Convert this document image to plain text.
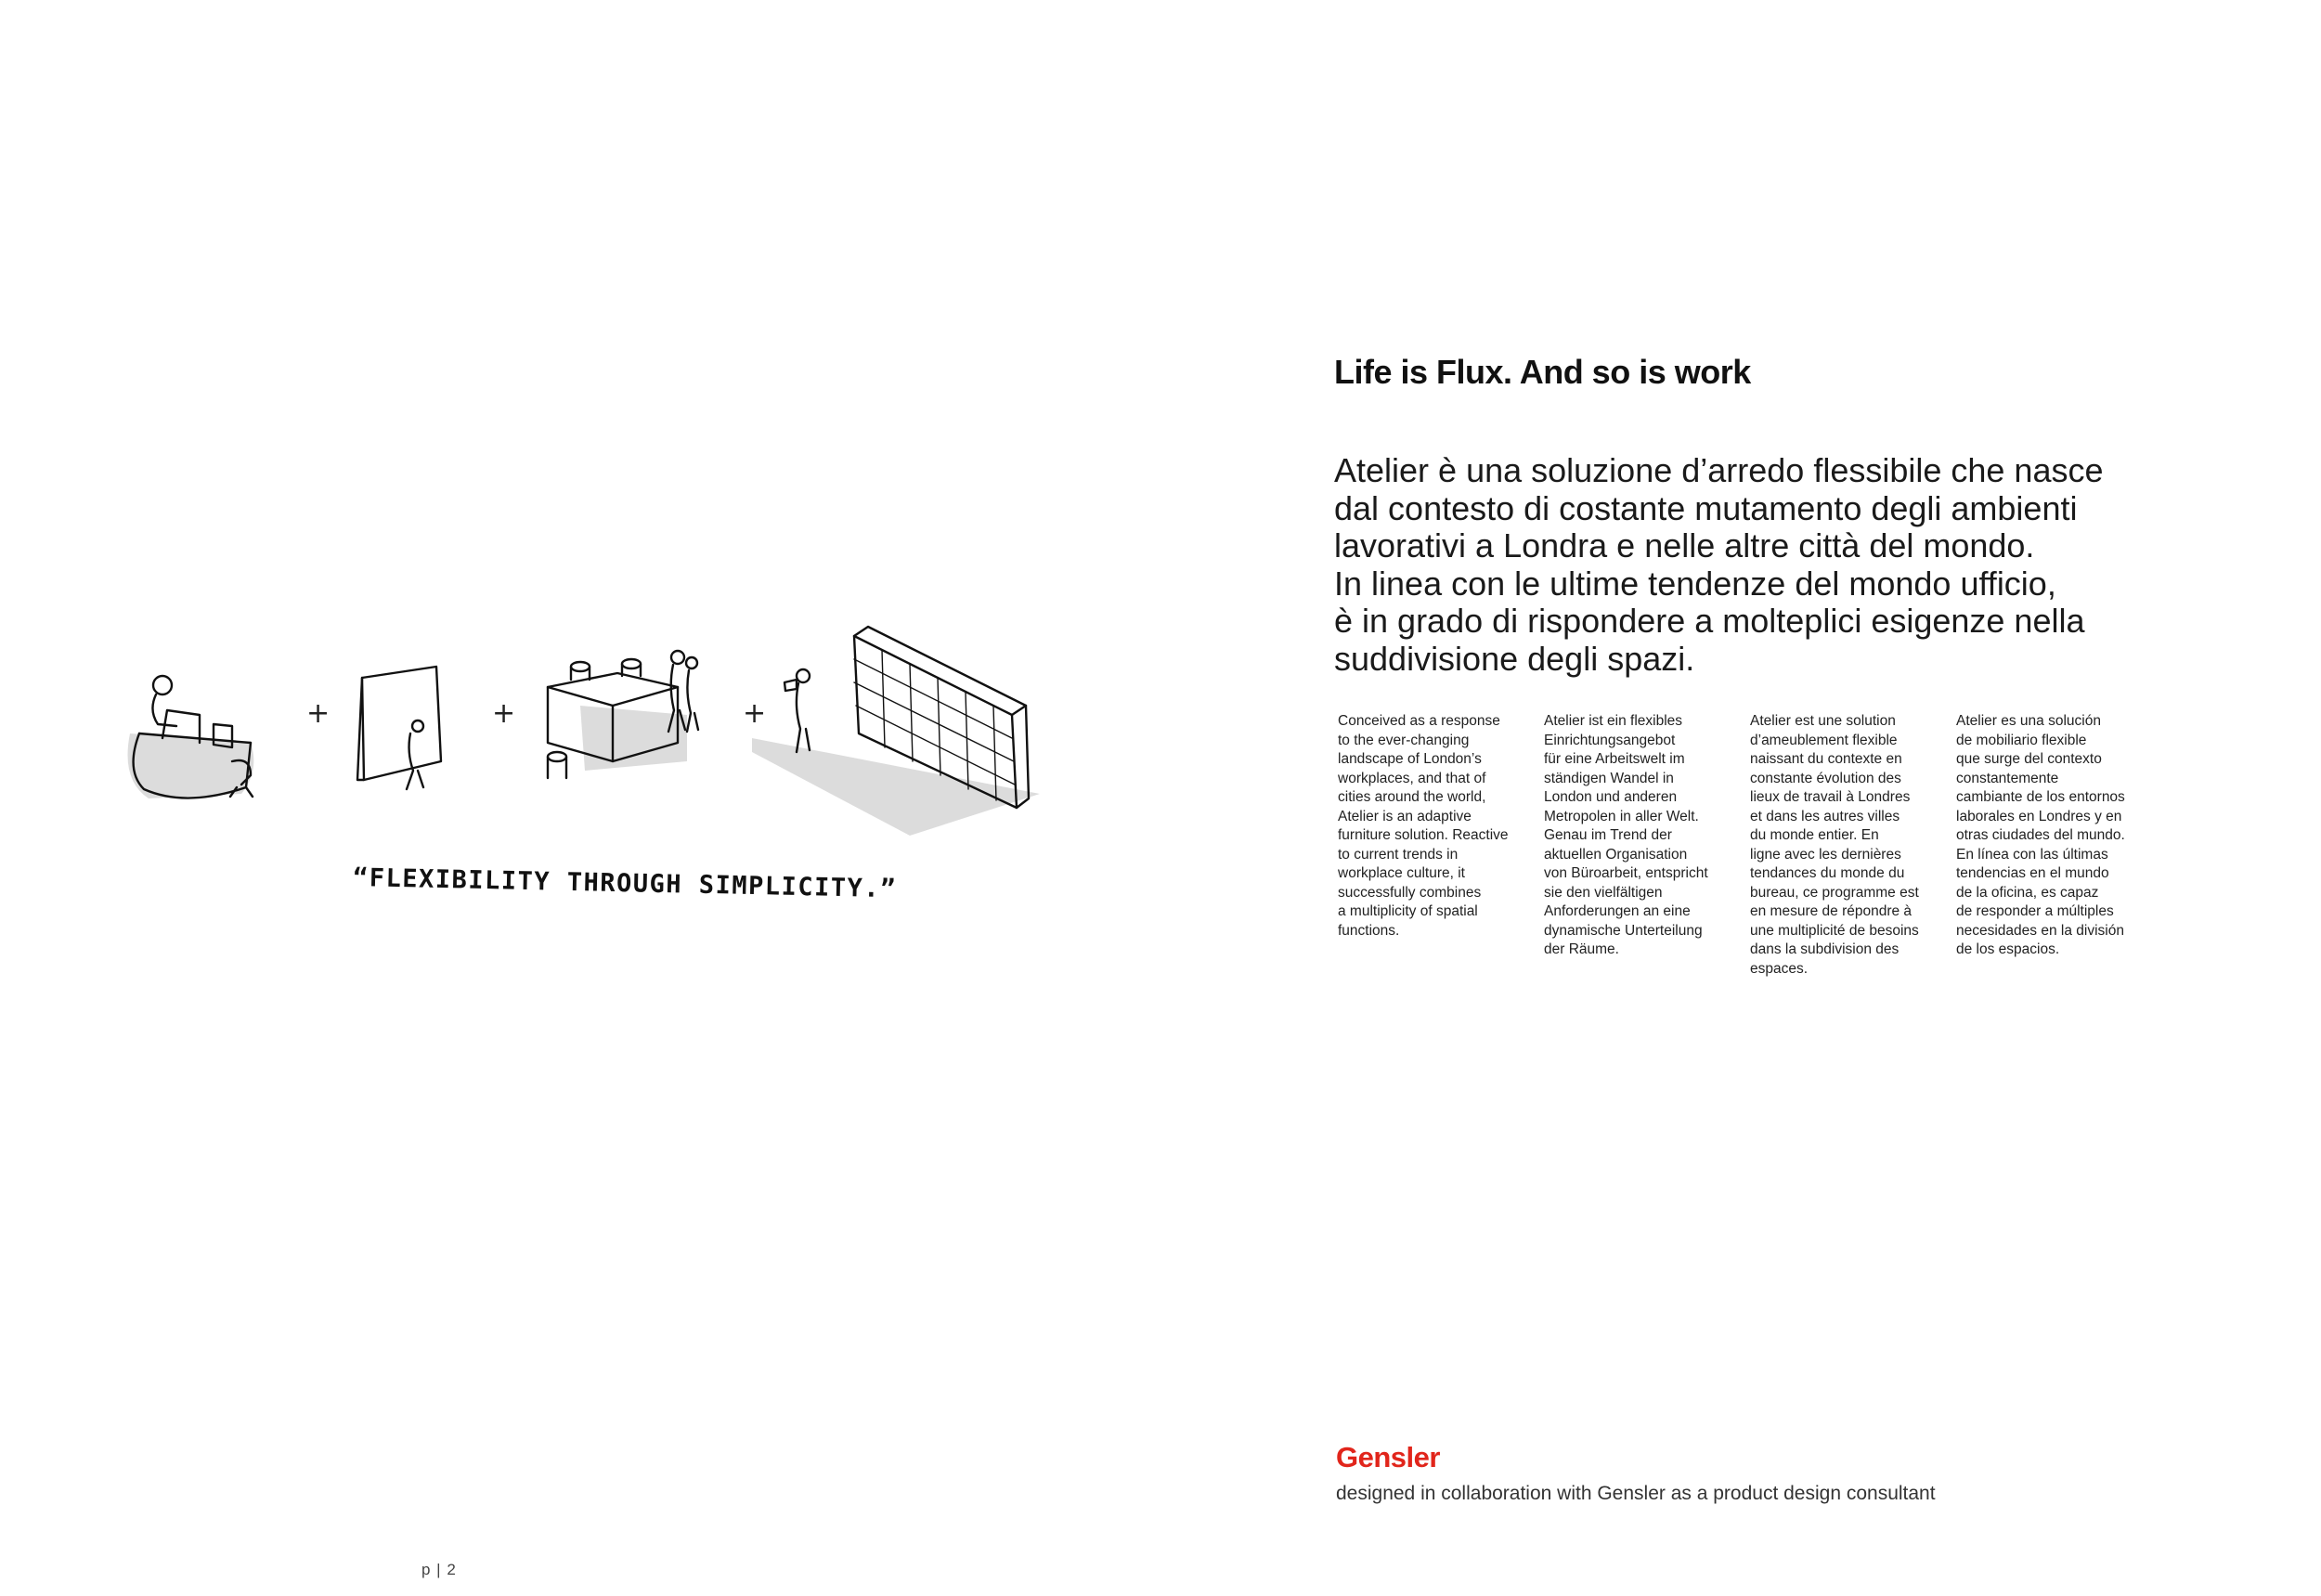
+	+	+

“FLEXIBILITY THROUGH SIMPLICITY.”

Life is Flux. And so is work
Atelier è una soluzione d’arredo flessibile che nasce
dal contesto di costante mutamento degli ambienti
lavorativi a Londra e nelle altre città del mondo.
In linea con le ultime tendenze del mondo ufficio,
è in grado di rispondere a molteplici esigenze nella
suddivisione degli spazi.
Conceived as a response
to the ever-changing
landscape of London’s
workplaces, and that of
cities around the world,
Atelier is an adaptive
furniture solution. Reactive
to current trends in
workplace culture, it
successfully combines
a multiplicity of spatial
functions.
Atelier ist ein flexibles
Einrichtungsangebot
für eine Arbeitswelt im
ständigen Wandel in
London und anderen
Metropolen in aller Welt.
Genau im Trend der
aktuellen Organisation
von Büroarbeit, entspricht
sie den vielfältigen
Anforderungen an eine
dynamische Unterteilung
der Räume.
Atelier est une solution
d’ameublement flexible
naissant du contexte en
constante évolution des
lieux de travail à Londres
et dans les autres villes
du monde entier. En
ligne avec les dernières
tendances du monde du
bureau, ce programme est
en mesure de répondre à
une multiplicité de besoins
dans la subdivision des
espaces.
Atelier es una solución
de mobiliario flexible
que surge del contexto
constantemente
cambiante de los entornos
laborales en Londres y en
otras ciudades del mundo.
En línea con las últimas
tendencias en el mundo
de la oficina, es capaz
de responder a múltiples
necesidades en la división
de los espacios.

Gensler

designed in collaboration with Gensler as a product design consultant

p | 2
